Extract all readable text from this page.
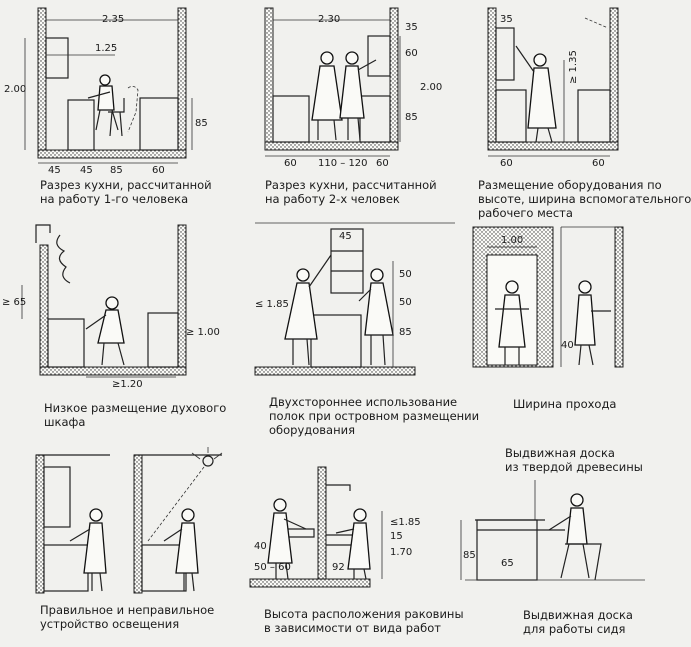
2.35
1.25
2.00
85
45 45 85	60
Разрез кухни, рассчитанной
на работу 1-го человека
2.30
35
60
2.00
85
60 110 – 120 60
Разрез кухни, рассчитанной
на работу 2-х человек
35
≥ 1.35
60	60
Размещение оборудования по
высоте, ширина вспомогательного
рабочего места
≥ 65
≥ 1.00
≥1.20
Низкое размещение духового
шкафа
45
50
50
≤ 1.85
85
Двухстороннее использование
полок при островном размещении
оборудования
1.00
40
Ширина прохода
Правильное и неправильное
устройство освещения
≤1.85
15
1.70
40
50 – 60	92
Высота расположения раковины
в зависимости от вида работ
Выдвижная доска
из твердой древесины
85
65
Выдвижная доска
для работы сидя
